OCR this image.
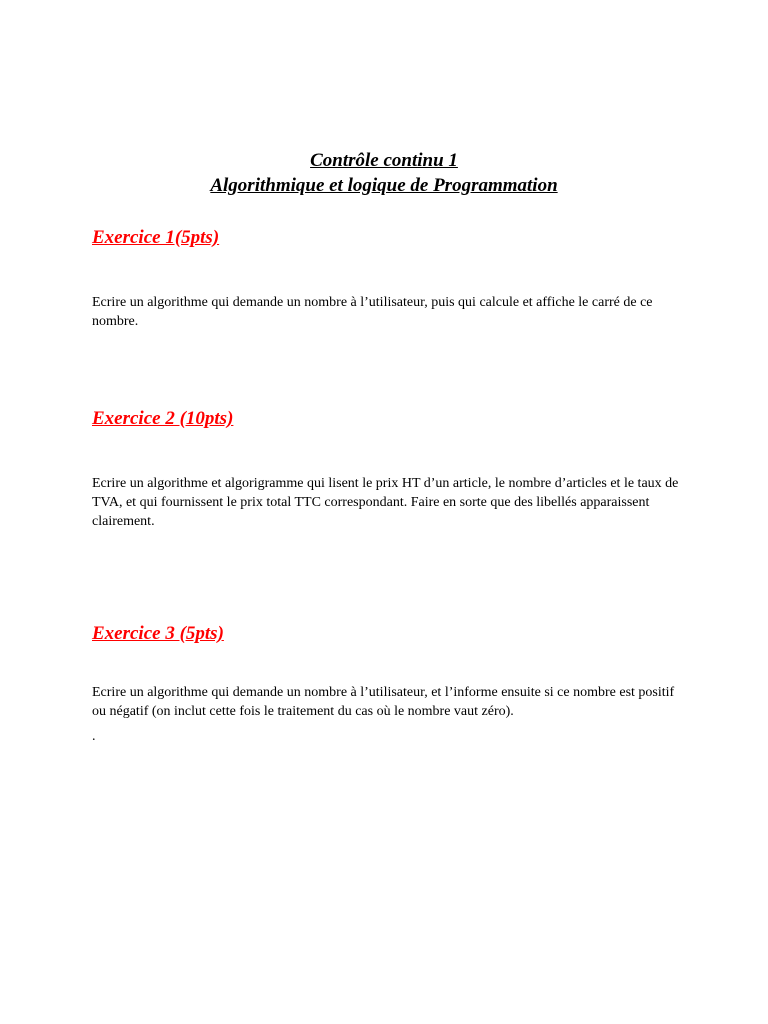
Contrôle continu 1

Algorithmique et logique de Programmation

Exercice 1(5pts)

Ecrire un algorithme qui demande un nombre à l’utilisateur, puis qui calcule et affiche le carré de ce nombre.

Exercice 2 (10pts)

Ecrire un algorithme et algorigramme qui lisent le prix HT d’un article, le nombre d’articles et le taux de TVA, et qui fournissent le prix total TTC correspondant. Faire en sorte que des libellés apparaissent clairement.

Exercice 3 (5pts)

Ecrire un algorithme qui demande un nombre à l’utilisateur, et l’informe ensuite si ce nombre est positif ou négatif (on inclut cette fois le traitement du cas où le nombre vaut zéro).

.
